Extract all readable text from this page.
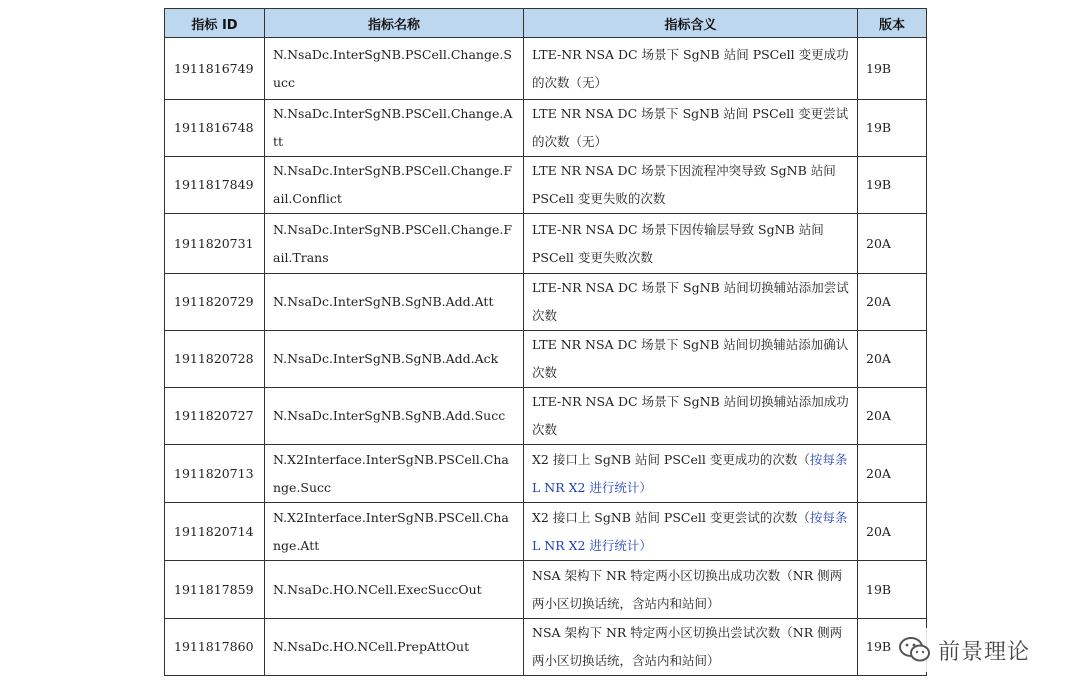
指标 ID	指标名称	指标含义	版本
1911816749	N.NsaDc.InterSgNB.PSCell.Change.Succ	LTE-NR NSA DC 场景下 SgNB 站间 PSCell 变更成功的次数（无）	19B
1911816748	N.NsaDc.InterSgNB.PSCell.Change.Att	LTE NR NSA DC 场景下 SgNB 站间 PSCell 变更尝试的次数（无）	19B
1911817849	N.NsaDc.InterSgNB.PSCell.Change.Fail.Conflict	LTE NR NSA DC 场景下因流程冲突导致 SgNB 站间 PSCell 变更失败的次数	19B
1911820731	N.NsaDc.InterSgNB.PSCell.Change.Fail.Trans	LTE-NR NSA DC 场景下因传输层导致 SgNB 站间 PSCell 变更失败次数	20A
1911820729	N.NsaDc.InterSgNB.SgNB.Add.Att	LTE-NR NSA DC 场景下 SgNB 站间切换辅站添加尝试次数	20A
1911820728	N.NsaDc.InterSgNB.SgNB.Add.Ack	LTE NR NSA DC 场景下 SgNB 站间切换辅站添加确认次数	20A
1911820727	N.NsaDc.InterSgNB.SgNB.Add.Succ	LTE-NR NSA DC 场景下 SgNB 站间切换辅站添加成功次数	20A
1911820713	N.X2Interface.InterSgNB.PSCell.Change.Succ	X2 接口上 SgNB 站间 PSCell 变更成功的次数（按每条 L NR X2 进行统计）	20A
1911820714	N.X2Interface.InterSgNB.PSCell.Change.Att	X2 接口上 SgNB 站间 PSCell 变更尝试的次数（按每条 L NR X2 进行统计）	20A
1911817859	N.NsaDc.HO.NCell.ExecSuccOut	NSA 架构下 NR 特定两小区切换出成功次数（NR 侧两两小区切换话统，含站内和站间）	19B
1911817860	N.NsaDc.HO.NCell.PrepAttOut	NSA 架构下 NR 特定两小区切换出尝试次数（NR 侧两两小区切换话统，含站内和站间）	19B 前景理论
